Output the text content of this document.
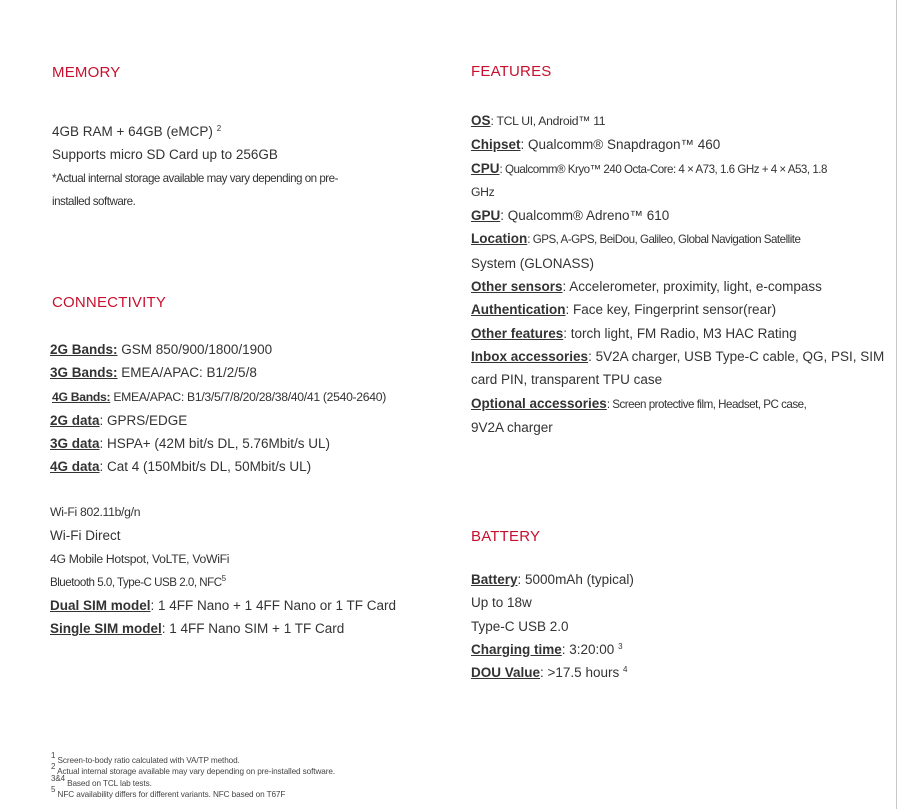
MEMORY
4GB RAM + 64GB (eMCP) $^2$
Supports micro SD Card up to 256GB
*Actual internal storage available may vary depending on pre-
installed software.
CONNECTIVITY
2G Bands: GSM 850/900/1800/1900
3G Bands: EMEA/APAC: B1/2/5/8
4G Bands: EMEA/APAC: B1/3/5/7/8/20/28/38/40/41 (2540-2640)
2G data: GPRS/EDGE
3G data: HSPA+ (42M bit/s DL, 5.76Mbit/s UL)
4G data: Cat 4 (150Mbit/s DL, 50Mbit/s UL)
Wi-Fi 802.11b/g/n
Wi-Fi Direct
4G Mobile Hotspot, VoLTE, VoWiFi
Bluetooth 5.0, Type-C USB 2.0, NFC$^5$
Dual SIM model: 1 4FF Nano + 1 4FF Nano or 1 TF Card
Single SIM model: 1 4FF Nano SIM + 1 TF Card
FEATURES
OS: TCL UI, Android™ 11
Chipset: Qualcomm® Snapdragon™ 460
CPU: Qualcomm® Kryo™ 240 Octa-Core: 4 × A73, 1.6 GHz + 4 × A53, 1.8
GHz
GPU: Qualcomm® Adreno™ 610
Location: GPS, A-GPS, BeiDou, Galileo, Global Navigation Satellite
System (GLONASS)
Other sensors: Accelerometer, proximity, light, e-compass
Authentication: Face key, Fingerprint sensor(rear)
Other features: torch light, FM Radio, M3 HAC Rating
Inbox accessories: 5V2A charger, USB Type-C cable, QG, PSI, SIM
card PIN, transparent TPU case
Optional accessories: Screen protective film, Headset, PC case,
9V2A charger
BATTERY
Battery: 5000mAh (typical)
Up to 18w
Type-C USB 2.0
Charging time: 3:20:00 $^3$
DOU Value: >17.5 hours $^4$
$^1$ Screen-to-body ratio calculated with VA/TP method.
$^2$ Actual internal storage available may vary depending on pre-installed software.
$^{3\&4}$ Based on TCL lab tests.
$^5$ NFC availability differs for different variants. NFC based on T67F
